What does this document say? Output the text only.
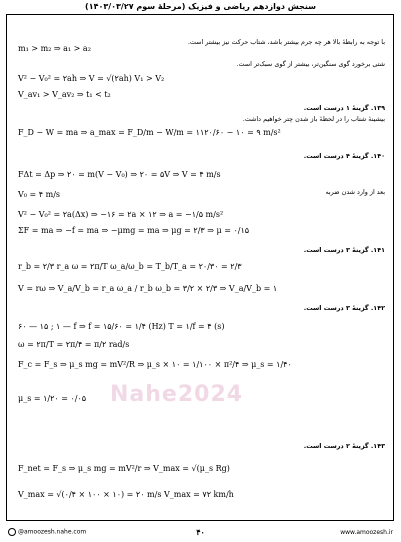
سنجش دوازدهم ریاضی و فیزیک (مرحلهٔ سوم ۱۴۰۳/۰۳/۲۷)
m₁ > m₂ ⇒ a₁ > a₂
با توجه به رابطهٔ بالا هر چه جرم بیشتر باشد، شتاب حرکت نیز بیشتر است.
شتی برخورد گوی سنگین‌تر، بیشتر از گوی سبک‌تر است.
V² − V₀² = ۲ah ⇒ V = √(۲ah) V₁ > V₂
V_av₁ > V_av₂ ⇒ t₁ < t₂
۱۳۹. گزینهٔ ۱ درست است.
بیشینهٔ شتاب را در لحظهٔ باز شدن چتر خواهیم داشت.
F_D − W = ma ⇒ a_max = F_D/m − W/m = ۱۱۲۰/۶۰ − ۱۰ = ۹ m/s²
۱۴۰. گزینهٔ ۴ درست است.
FΔt = Δp ⇒ ۲۰ = m(V − V₀) ⇒ ۲۰ = ۵V ⇒ V = ۴ m/s
بعد از وارد شدن ضربه
V₀ = ۴ m/s
V² − V₀² = ۲a(Δx) ⇒ −۱۶ = ۲a × ۱۲ ⇒ a = −۱/۵ m/s²
ΣF = ma ⇒ −f = ma ⇒ −μmg = ma ⇒ μg = ۲/۳ ⇒ μ = ۰/۱۵
۱۴۱. گزینهٔ ۳ درست است.
r_b = ۲/۳ r_a ω = ۲π/T ω_a/ω_b = T_b/T_a = ۲۰/۳۰ = ۲/۳
V = rω ⇒ V_a/V_b = r_a ω_a / r_b ω_b = ۳/۲ × ۲/۳ ⇒ V_a/V_b = ۱
۱۴۲. گزینهٔ ۳ درست است.
۶۰ — ۱۵ ; ۱ — f ⇒ f = ۱۵/۶۰ = ۱/۴ (Hz) T = ۱/f = ۴ (s)
ω = ۲π/T = ۲π/۴ = π/۲ rad/s
F_c = F_s ⇒ μ_s mg = mV²/R ⇒ μ_s × ۱۰ = ۱/۱۰۰ × π²/۴ ⇒ μ_s = ۱/۴۰
μ_s = ۱/۲۰ = ۰/۰۵
۱۴۳. گزینهٔ ۲ درست است.
F_net = F_s ⇒ μ_s mg = mV²/r ⇒ V_max = √(μ_s Rg)
V_max = √(۰/۴ × ۱۰۰ × ۱۰) = ۲۰ m/s V_max = ۷۲ km/h
Nahe2024
@amoozesh.nahe.com	۴۰	www.amoozesh.ir
